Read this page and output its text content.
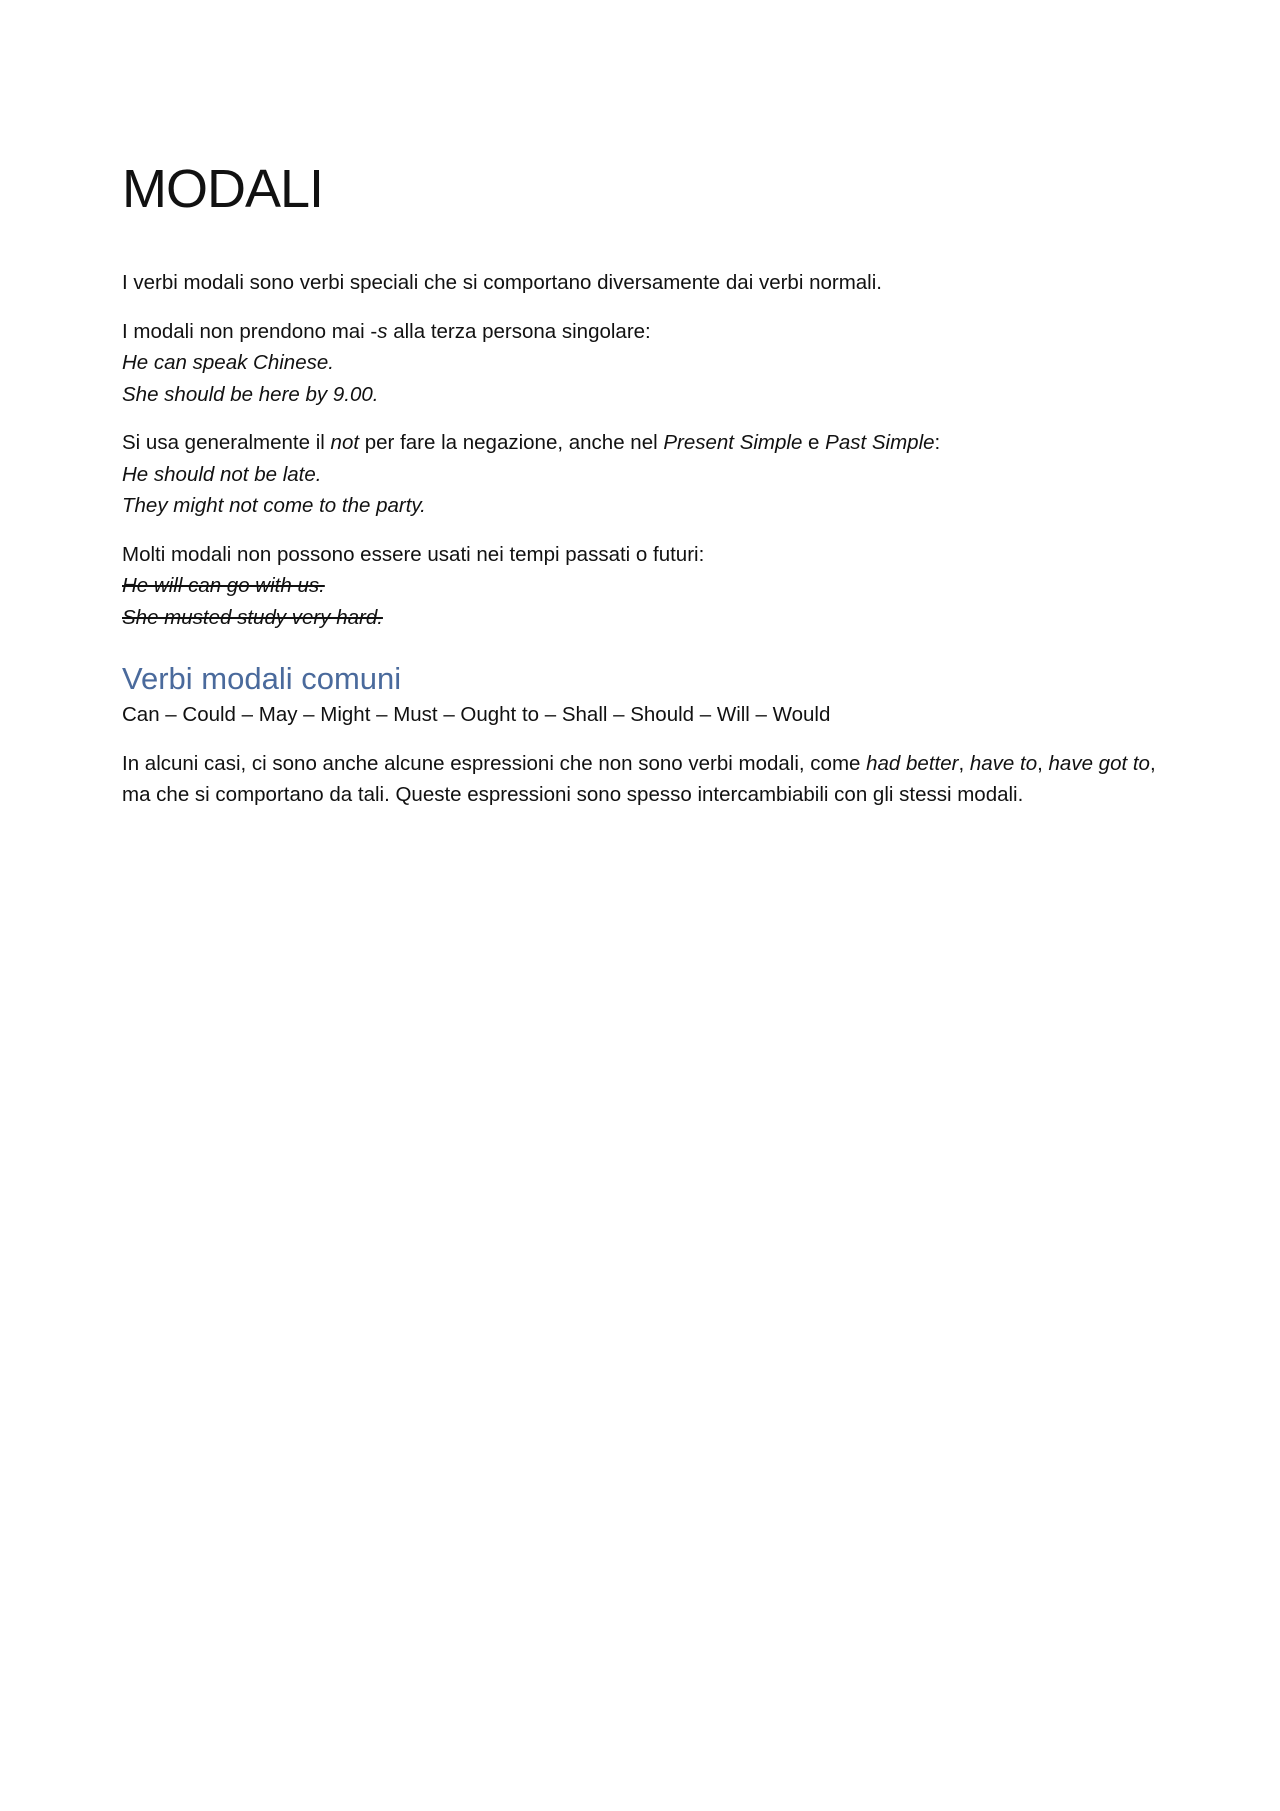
MODALI

I verbi modali sono verbi speciali che si comportano diversamente dai verbi normali.

I modali non prendono mai -s alla terza persona singolare:
He can speak Chinese.
She should be here by 9.00.

Si usa generalmente il not per fare la negazione, anche nel Present Simple e Past Simple:
He should not be late.
They might not come to the party.

Molti modali non possono essere usati nei tempi passati o futuri:
He will can go with us.
She musted study very hard.

Verbi modali comuni

Can – Could – May – Might – Must – Ought to – Shall – Should – Will – Would

In alcuni casi, ci sono anche alcune espressioni che non sono verbi modali, come had better, have to, have got to, ma che si comportano da tali. Queste espressioni sono spesso intercambiabili con gli stessi modali.
